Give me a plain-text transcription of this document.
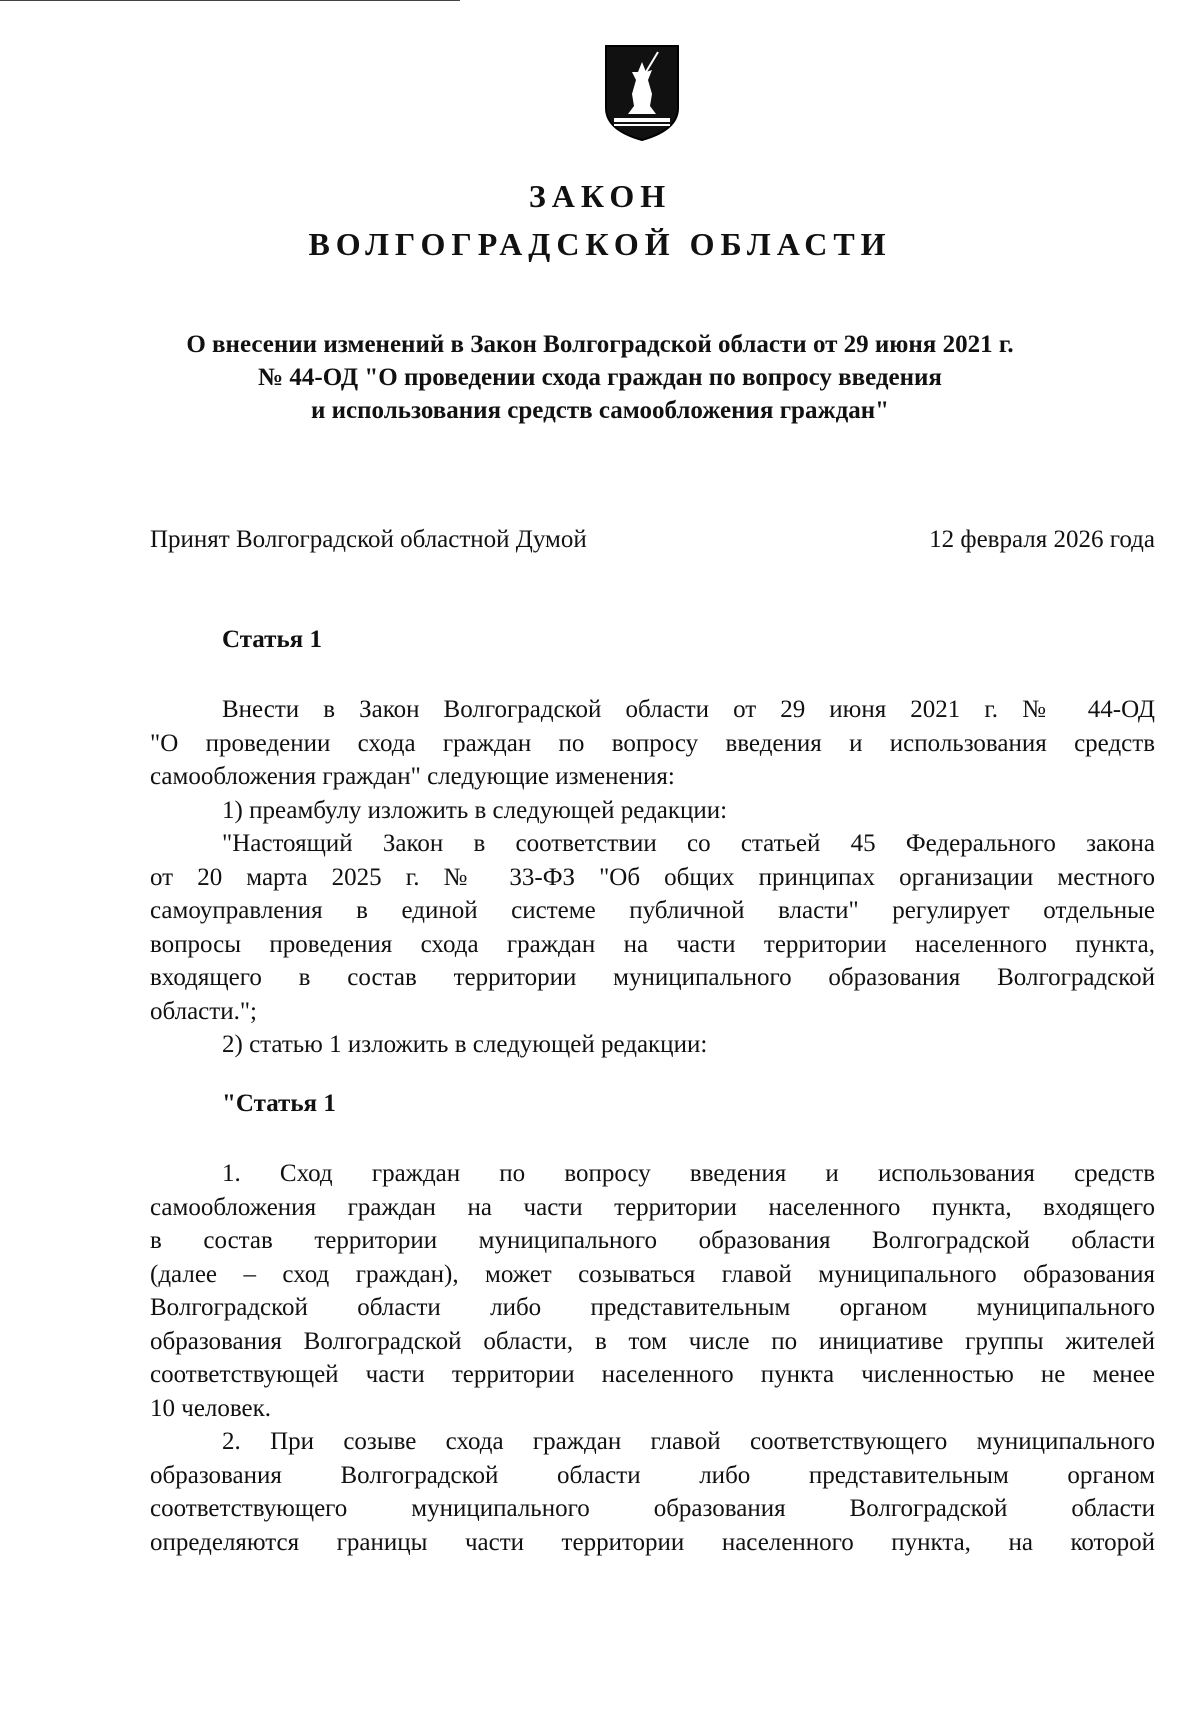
ЗАКОН
ВОЛГОГРАДСКОЙ ОБЛАСТИ
О внесении изменений в Закон Волгоградской области от 29 июня 2021 г.
№ 44-ОД "О проведении схода граждан по вопросу введения
и использования средств самообложения граждан"
Принят Волгоградской областной Думой	12 февраля 2026 года
Статья 1
Внести в Закон Волгоградской области от 29 июня 2021 г. № 44-ОД
"О проведении схода граждан по вопросу введения и использования средств
самообложения граждан" следующие изменения:
1) преамбулу изложить в следующей редакции:
"Настоящий Закон в соответствии со статьей 45 Федерального закона
от 20 марта 2025 г. № 33-ФЗ "Об общих принципах организации местного
самоуправления в единой системе публичной власти" регулирует отдельные
вопросы проведения схода граждан на части территории населенного пункта,
входящего в состав территории муниципального образования Волгоградской
области.";
2) статью 1 изложить в следующей редакции:
"Статья 1
1. Сход граждан по вопросу введения и использования средств
самообложения граждан на части территории населенного пункта, входящего
в состав территории муниципального образования Волгоградской области
(далее – сход граждан), может созываться главой муниципального образования
Волгоградской области либо представительным органом муниципального
образования Волгоградской области, в том числе по инициативе группы жителей
соответствующей части территории населенного пункта численностью не менее
10 человек.
2. При созыве схода граждан главой соответствующего муниципального
образования Волгоградской области либо представительным органом
соответствующего муниципального образования Волгоградской области
определяются границы части территории населенного пункта, на которой
